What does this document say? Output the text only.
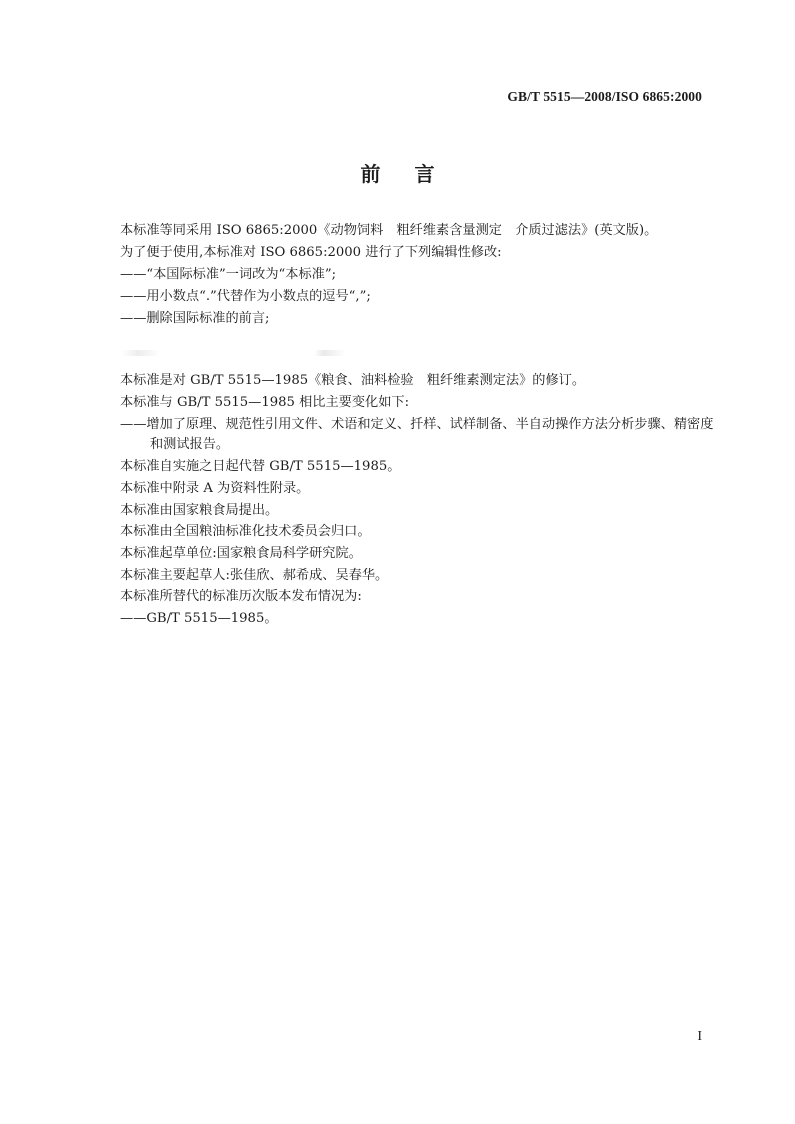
GB/T 5515—2008/ISO 6865:2000
前言
本标准等同采用 ISO 6865:2000《动物饲料　粗纤维素含量测定　介质过滤法》(英文版)。
为了便于使用,本标准对 ISO 6865:2000 进行了下列编辑性修改:
——“本国际标准”一词改为“本标准”;
——用小数点“.”代替作为小数点的逗号“,”;
——删除国际标准的前言;
本标准是对 GB/T 5515—1985《粮食、油料检验　粗纤维素测定法》的修订。
本标准与 GB/T 5515—1985 相比主要变化如下:
——增加了原理、规范性引用文件、术语和定义、扦样、试样制备、半自动操作方法分析步骤、精密度
和测试报告。
本标准自实施之日起代替 GB/T 5515—1985。
本标准中附录 A 为资料性附录。
本标准由国家粮食局提出。
本标准由全国粮油标准化技术委员会归口。
本标准起草单位:国家粮食局科学研究院。
本标准主要起草人:张佳欣、郝希成、吴春华。
本标准所替代的标准历次版本发布情况为:
——GB/T 5515—1985。
I
